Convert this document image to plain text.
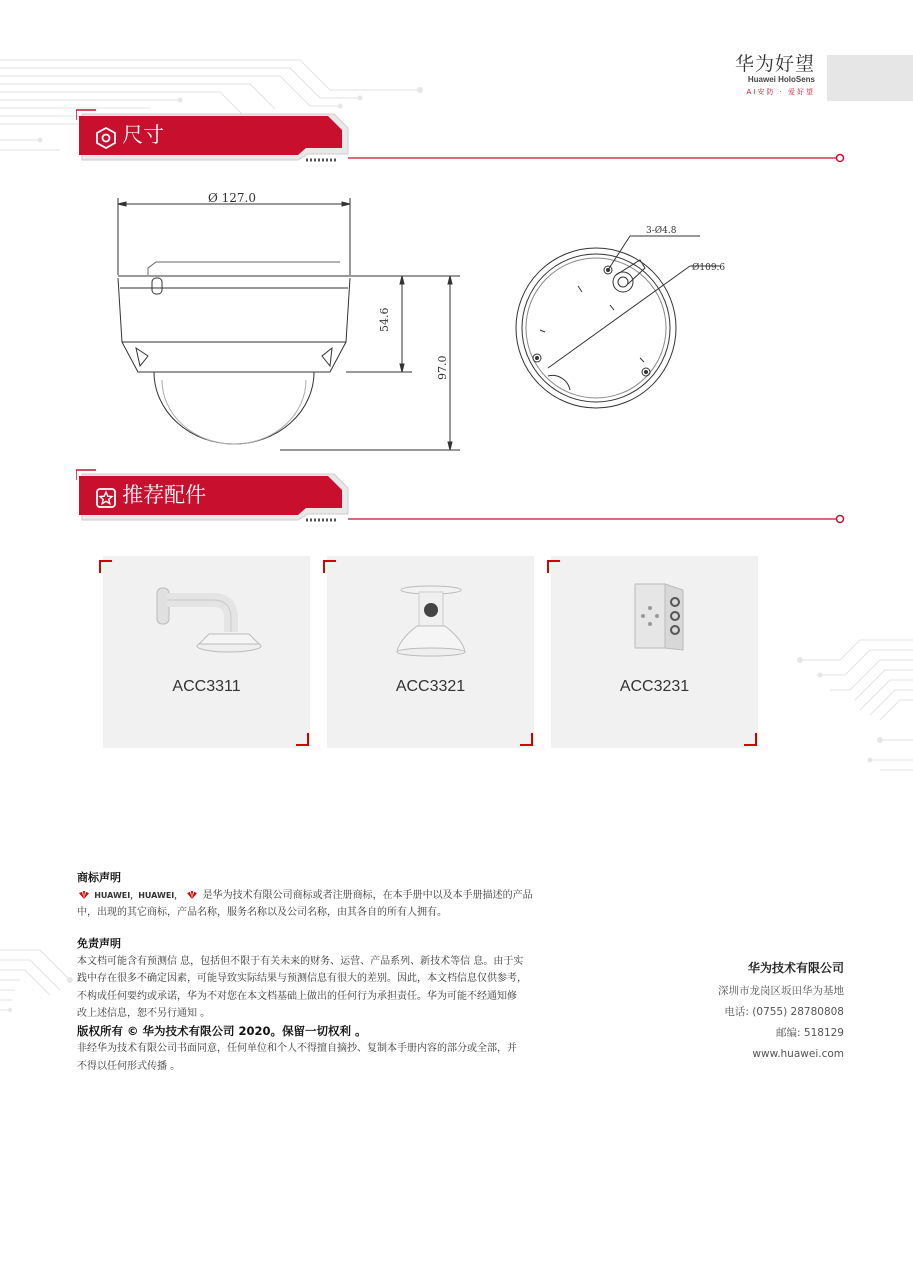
华为好望
Huawei HoloSens
AI安防 · 爱好望
尺寸
Ø 127.0
54.6
97.0
3-Ø4.8
Ø109.6
推荐配件
ACC3311	ACC3321	ACC3231
商标声明
HUAWEI，HUAWEI， 是华为技术有限公司商标或者注册商标，在本手册中以及本手册描述的产品
中，出现的其它商标，产品名称，服务名称以及公司名称，由其各自的所有人拥有。
免责声明
本文档可能含有预测信 息，包括但不限于有关未来的财务、运营、产品系列、新技术等信 息。由于实
践中存在很多不确定因素，可能导致实际结果与预测信息有很大的差别。因此，本文档信息仅供参考，
不构成任何要约或承诺，华为不对您在本文档基础上做出的任何行为承担责任。华为可能不经通知修
改上述信息，恕不另行通知 。
版权所有 © 华为技术有限公司 2020。保留一切权利 。
非经华为技术有限公司书面同意，任何单位和个人不得擅自摘抄、复制本手册内容的部分或全部，并
不得以任何形式传播 。
华为技术有限公司
深圳市龙岗区坂田华为基地
电话: (0755) 28780808
邮编: 518129
www.huawei.com
